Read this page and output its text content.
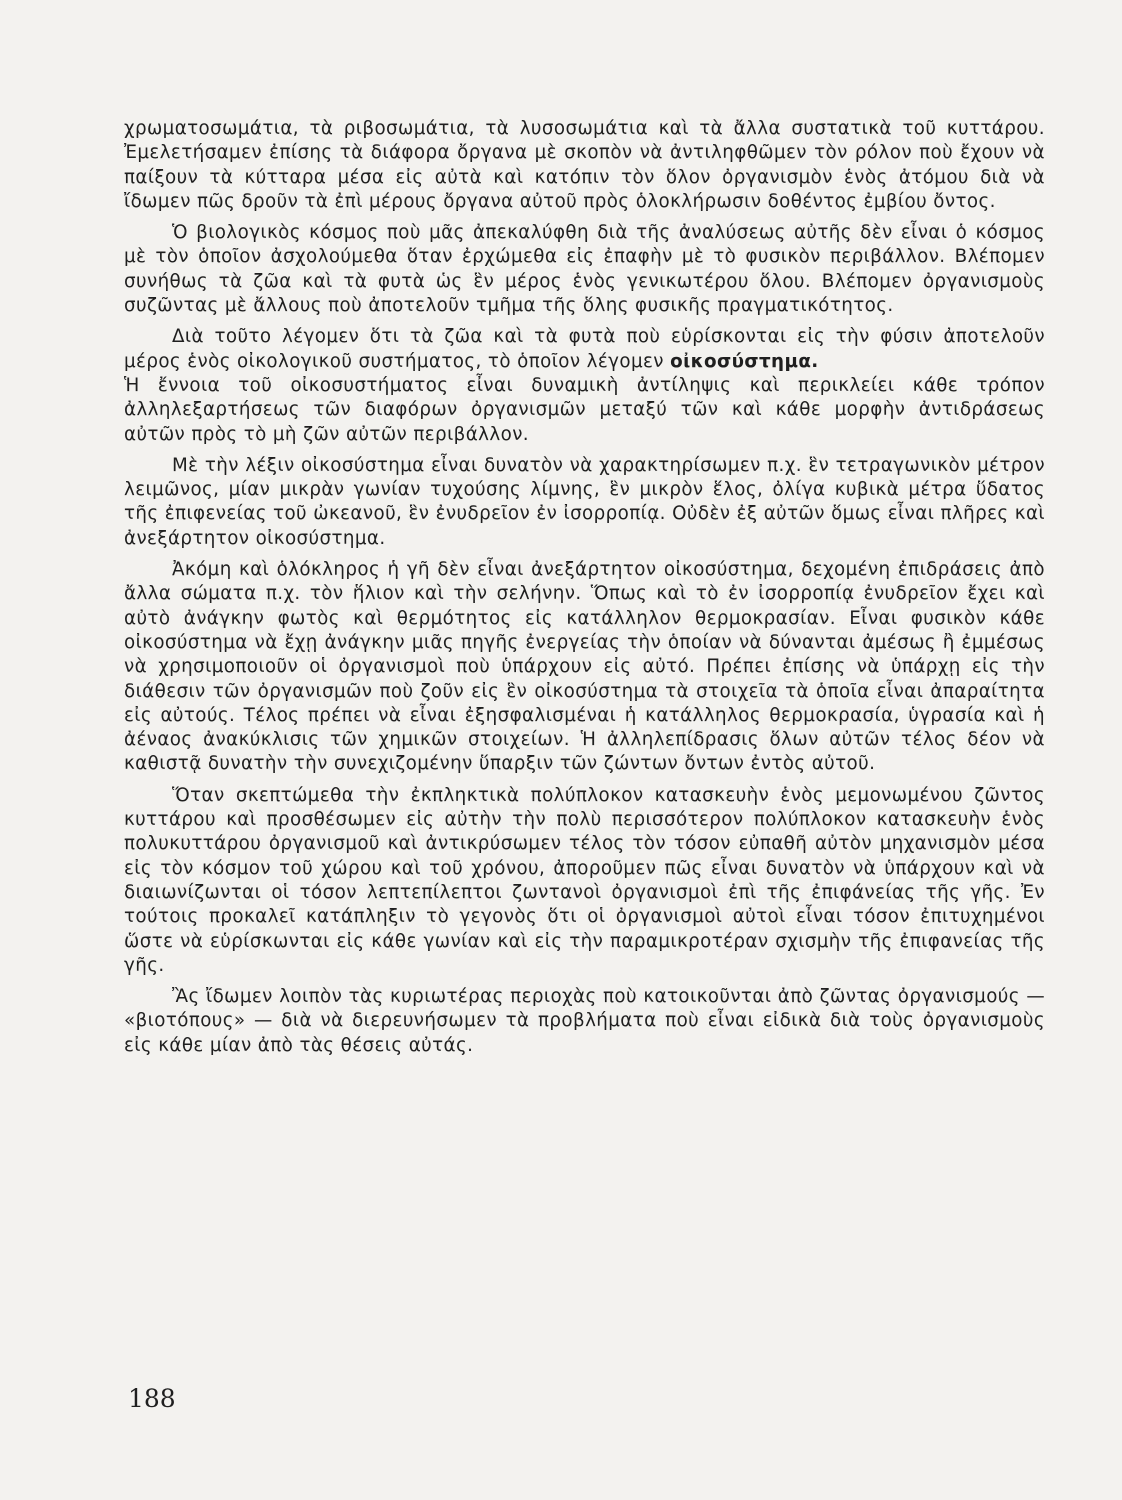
χρωματοσωμάτια, τὰ ριβοσωμάτια, τὰ λυσοσωμάτια καὶ τὰ ἄλλα συστατικὰ τοῦ κυττάρου. Ἐμελετήσαμεν ἐπίσης τὰ διάφορα ὄργανα μὲ σκοπὸν νὰ ἀντιληφθῶμεν τὸν ρόλον ποὺ ἔχουν νὰ παίξουν τὰ κύτταρα μέσα εἰς αὐτὰ καὶ κατόπιν τὸν ὅλον ὀργανισμὸν ἑνὸς ἀτόμου διὰ νὰ ἴδωμεν πῶς δροῦν τὰ ἐπὶ μέρους ὄργανα αὐτοῦ πρὸς ὁλοκλήρωσιν δοθέντος ἐμβίου ὄντος.

Ὁ βιολογικὸς κόσμος ποὺ μᾶς ἀπεκαλύφθη διὰ τῆς ἀναλύσεως αὐτῆς δὲν εἶναι ὁ κόσμος μὲ τὸν ὁποῖον ἀσχολούμεθα ὅταν ἐρχώμεθα εἰς ἐπαφὴν μὲ τὸ φυσικὸν περιβάλλον. Βλέπομεν συνήθως τὰ ζῶα καὶ τὰ φυτὰ ὡς ἓν μέρος ἑνὸς γενικωτέρου ὅλου. Βλέπομεν ὀργανισμοὺς συζῶντας μὲ ἄλλους ποὺ ἀποτελοῦν τμῆμα τῆς ὅλης φυσικῆς πραγματικότητος.

Διὰ τοῦτο λέγομεν ὅτι τὰ ζῶα καὶ τὰ φυτὰ ποὺ εὑρίσκονται εἰς τὴν φύσιν ἀποτελοῦν μέρος ἑνὸς οἰκολογικοῦ συστήματος, τὸ ὁποῖον λέγομεν οἰκοσύστημα.

Ἡ ἔννοια τοῦ οἰκοσυστήματος εἶναι δυναμικὴ ἀντίληψις καὶ περικλείει κάθε τρόπον ἀλληλεξαρτήσεως τῶν διαφόρων ὀργανισμῶν μεταξύ τῶν καὶ κάθε μορφὴν ἀντιδράσεως αὐτῶν πρὸς τὸ μὴ ζῶν αὐτῶν περιβάλλον.

Μὲ τὴν λέξιν οἰκοσύστημα εἶναι δυνατὸν νὰ χαρακτηρίσωμεν π.χ. ἓν τετραγωνικὸν μέτρον λειμῶνος, μίαν μικρὰν γωνίαν τυχούσης λίμνης, ἓν μικρὸν ἕλος, ὀλίγα κυβικὰ μέτρα ὕδατος τῆς ἐπιφενείας τοῦ ὠκεανοῦ, ἓν ἐνυδρεῖον ἐν ἰσορροπίᾳ. Οὐδὲν ἐξ αὐτῶν ὅμως εἶναι πλῆρες καὶ ἀνεξάρτητον οἰκοσύστημα.

Ἀκόμη καὶ ὁλόκληρος ἡ γῆ δὲν εἶναι ἀνεξάρτητον οἰκοσύστημα, δεχομένη ἐπιδράσεις ἀπὸ ἄλλα σώματα π.χ. τὸν ἥλιον καὶ τὴν σελήνην. Ὅπως καὶ τὸ ἐν ἰσορροπίᾳ ἐνυδρεῖον ἔχει καὶ αὐτὸ ἀνάγκην φωτὸς καὶ θερμότητος εἰς κατάλληλον θερμοκρασίαν. Εἶναι φυσικὸν κάθε οἰκοσύστημα νὰ ἔχῃ ἀνάγκην μιᾶς πηγῆς ἐνεργείας τὴν ὁποίαν νὰ δύνανται ἀμέσως ἢ ἐμμέσως νὰ χρησιμοποιοῦν οἱ ὀργανισμοὶ ποὺ ὑπάρχουν εἰς αὐτό. Πρέπει ἐπίσης νὰ ὑπάρχῃ εἰς τὴν διάθεσιν τῶν ὀργανισμῶν ποὺ ζοῦν εἰς ἓν οἰκοσύστημα τὰ στοιχεῖα τὰ ὁποῖα εἶναι ἀπαραίτητα εἰς αὐτούς. Τέλος πρέπει νὰ εἶναι ἐξησφαλισμέναι ἡ κατάλληλος θερμοκρασία, ὑγρασία καὶ ἡ ἀέναος ἀνακύκλισις τῶν χημικῶν στοιχείων. Ἡ ἀλληλεπίδρασις ὅλων αὐτῶν τέλος δέον νὰ καθιστᾷ δυνατὴν τὴν συνεχιζομένην ὕπαρξιν τῶν ζώντων ὄντων ἐντὸς αὐτοῦ.

Ὅταν σκεπτώμεθα τὴν ἐκπληκτικὰ πολύπλοκον κατασκευὴν ἑνὸς μεμονωμένου ζῶντος κυττάρου καὶ προσθέσωμεν εἰς αὐτὴν τὴν πολὺ περισσότερον πολύπλοκον κατασκευὴν ἑνὸς πολυκυττάρου ὀργανισμοῦ καὶ ἀντικρύσωμεν τέλος τὸν τόσον εὐπαθῆ αὐτὸν μηχανισμὸν μέσα εἰς τὸν κόσμον τοῦ χώρου καὶ τοῦ χρόνου, ἀποροῦμεν πῶς εἶναι δυνατὸν νὰ ὑπάρχουν καὶ νὰ διαιωνίζωνται οἱ τόσον λεπτεπίλεπτοι ζωντανοὶ ὀργανισμοὶ ἐπὶ τῆς ἐπιφάνείας τῆς γῆς. Ἐν τούτοις προκαλεῖ κατάπληξιν τὸ γεγονὸς ὅτι οἱ ὀργανισμοὶ αὐτοὶ εἶναι τόσον ἐπιτυχημένοι ὥστε νὰ εὑρίσκωνται εἰς κάθε γωνίαν καὶ εἰς τὴν παραμικροτέραν σχισμὴν τῆς ἐπιφανείας τῆς γῆς.

Ἂς ἴδωμεν λοιπὸν τὰς κυριωτέρας περιοχὰς ποὺ κατοικοῦνται ἀπὸ ζῶντας ὀργανισμούς — «βιοτόπους» — διὰ νὰ διερευνήσωμεν τὰ προβλήματα ποὺ εἶναι εἰδικὰ διὰ τοὺς ὀργανισμοὺς εἰς κάθε μίαν ἀπὸ τὰς θέσεις αὐτάς.

188
